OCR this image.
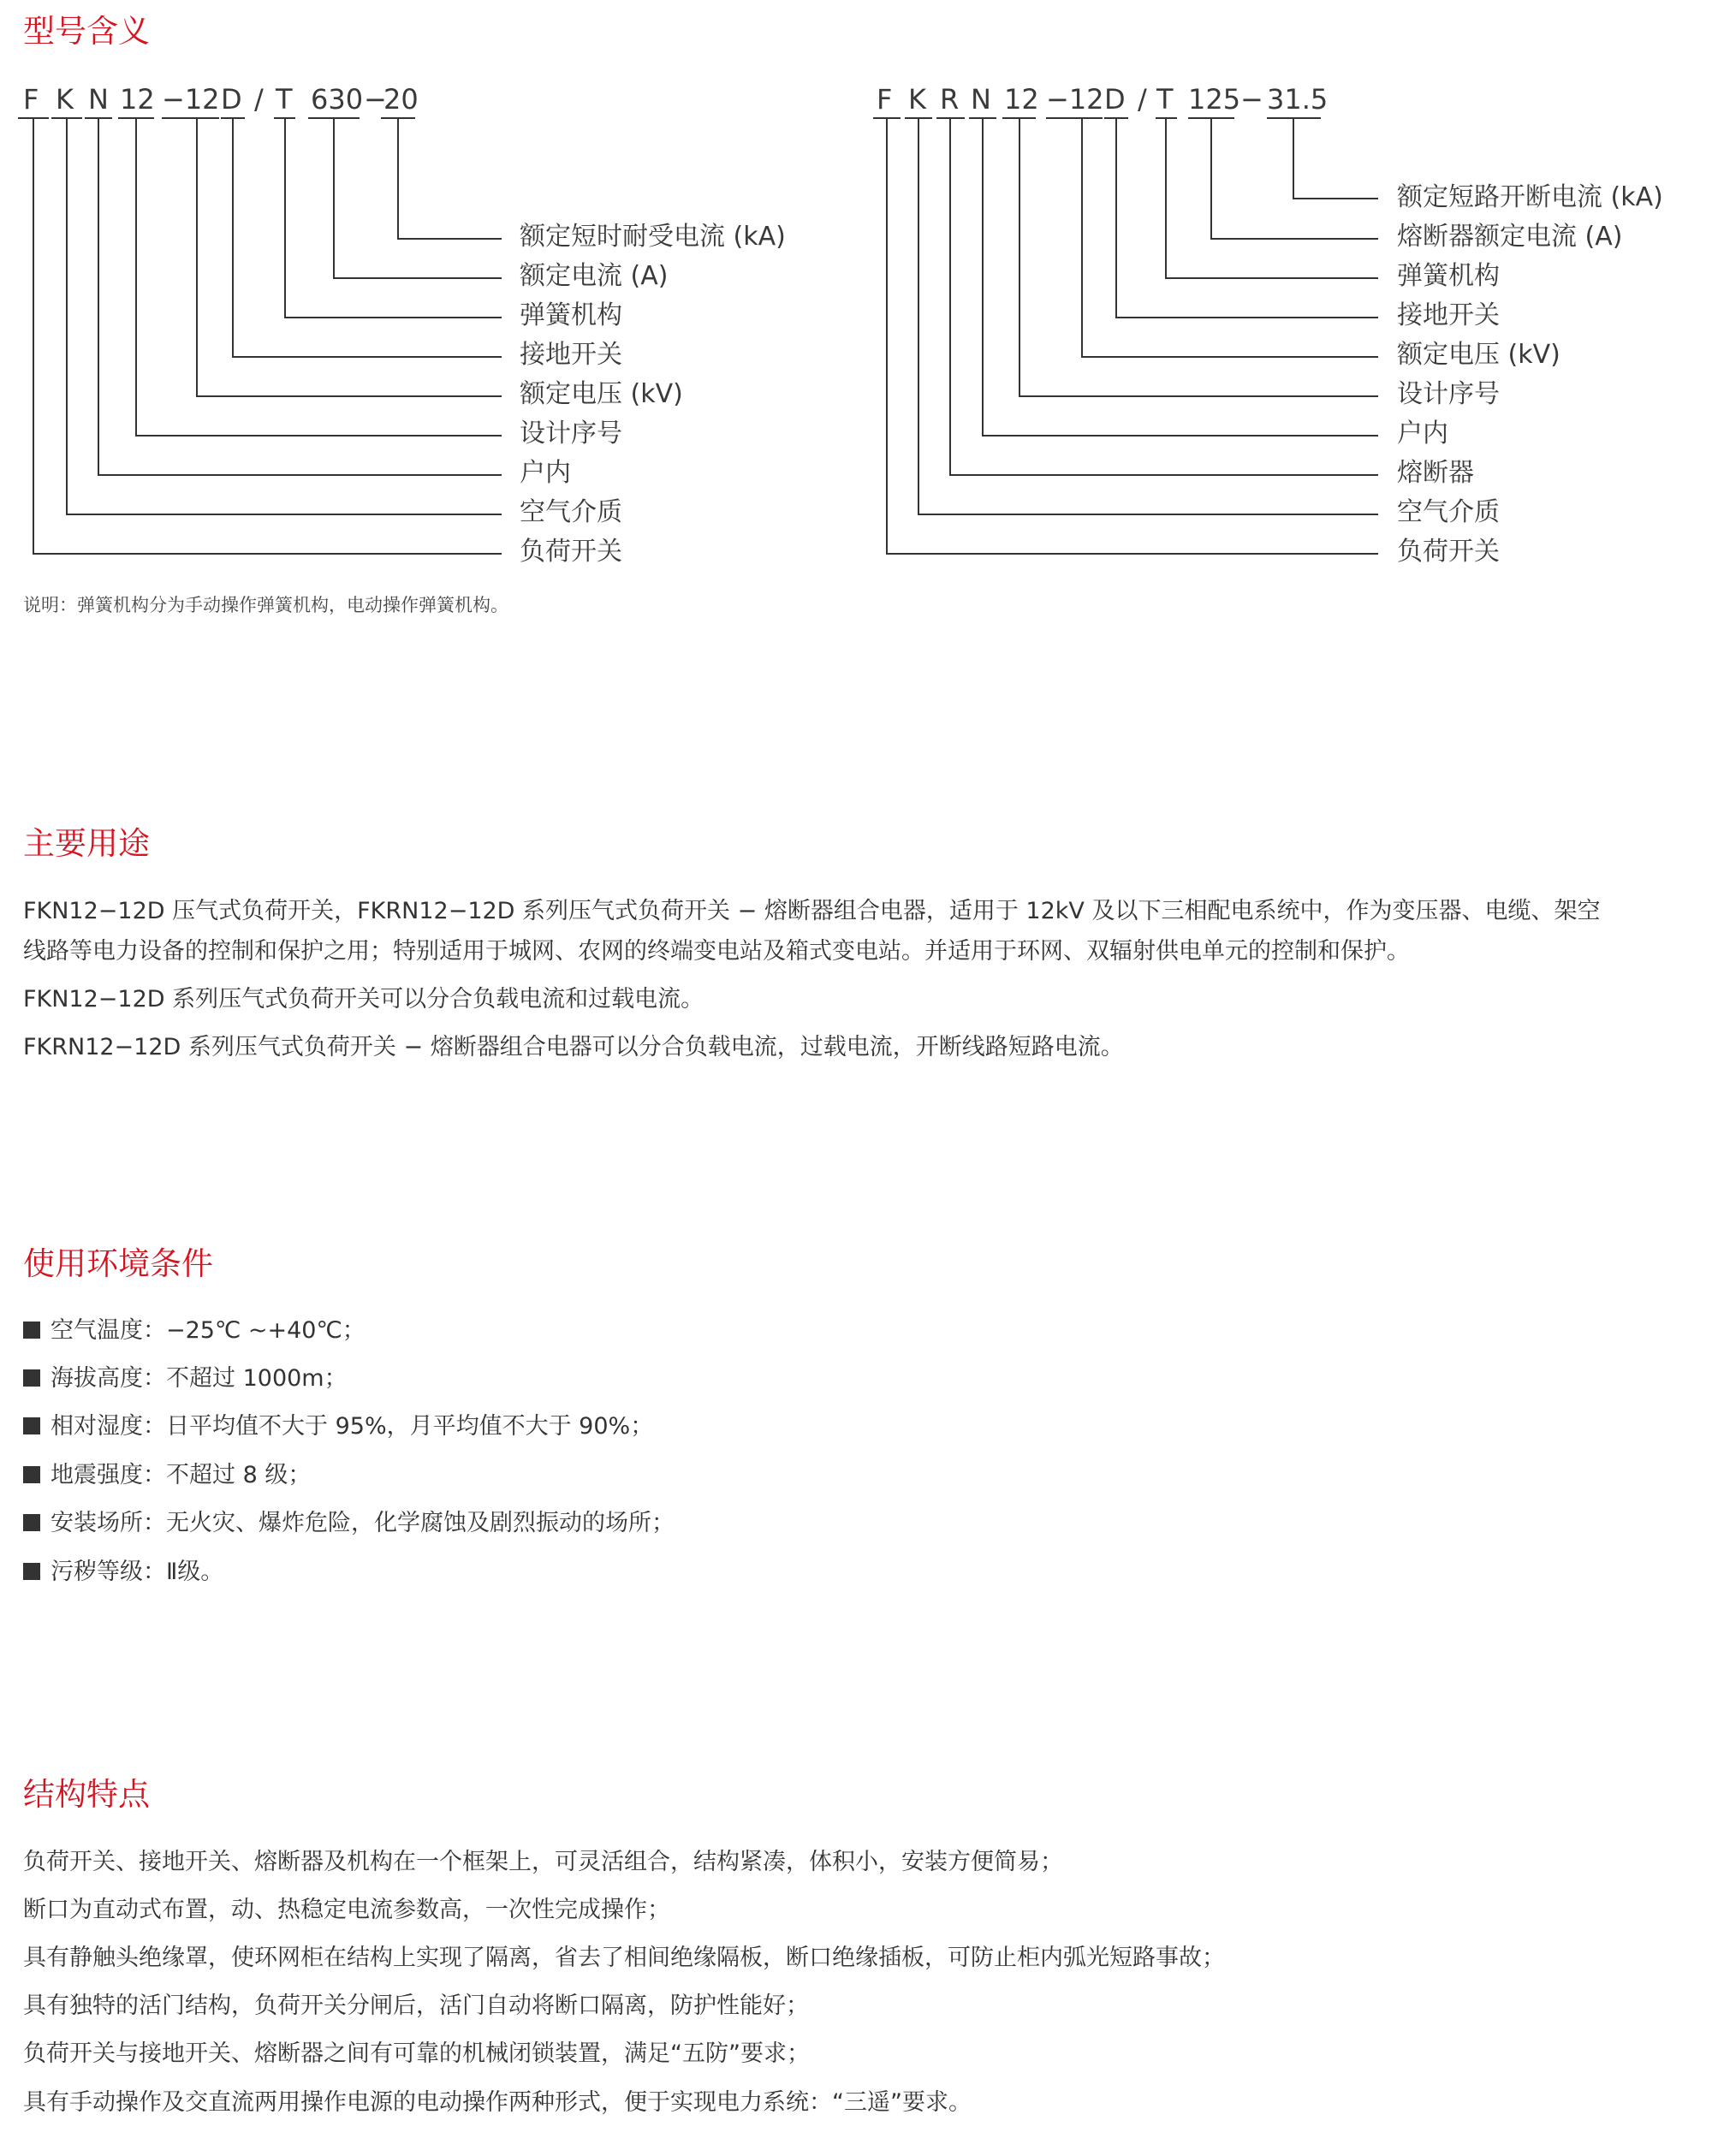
型号含义
F K N 12 −12 D / T 630 −
20
额定短时耐受电流 (kA)
额定电流 (A)
弹簧机构
接地开关
额定电压 (kV)
设计序号
户内
空气介质
负荷开关
F K R N 12 −12 D / T 125 − 31.5
额定短路开断电流 (kA)
熔断器额定电流 (A)
弹簧机构
接地开关
额定电压 (kV)
设计序号
户内
熔断器
空气介质
负荷开关
说明：弹簧机构分为手动操作弹簧机构，电动操作弹簧机构。
主要用途
FKN12−12D 压气式负荷开关，FKRN12−12D 系列压气式负荷开关 − 熔断器组合电器，适用于 12kV 及以下三相配电系统中，作为变压器、电缆、架空
线路等电力设备的控制和保护之用；特别适用于城网、农网的终端变电站及箱式变电站。并适用于环网、双辐射供电单元的控制和保护。
FKN12−12D 系列压气式负荷开关可以分合负载电流和过载电流。
FKRN12−12D 系列压气式负荷开关 − 熔断器组合电器可以分合负载电流，过载电流，开断线路短路电流。
使用环境条件
空气温度：−25℃ ~+40℃；
海拔高度：不超过 1000m；
相对湿度：日平均值不大于 95%，月平均值不大于 90%；
地震强度：不超过 8 级；
安装场所：无火灾、爆炸危险，化学腐蚀及剧烈振动的场所；
污秽等级：Ⅱ级。
结构特点
负荷开关、接地开关、熔断器及机构在一个框架上，可灵活组合，结构紧凑，体积小，安装方便简易；
断口为直动式布置，动、热稳定电流参数高，一次性完成操作；
具有静触头绝缘罩，使环网柜在结构上实现了隔离，省去了相间绝缘隔板，断口绝缘插板，可防止柜内弧光短路事故；
具有独特的活门结构，负荷开关分闸后，活门自动将断口隔离，防护性能好；
负荷开关与接地开关、熔断器之间有可靠的机械闭锁装置，满足“五防”要求；
具有手动操作及交直流两用操作电源的电动操作两种形式，便于实现电力系统：“三遥”要求。
